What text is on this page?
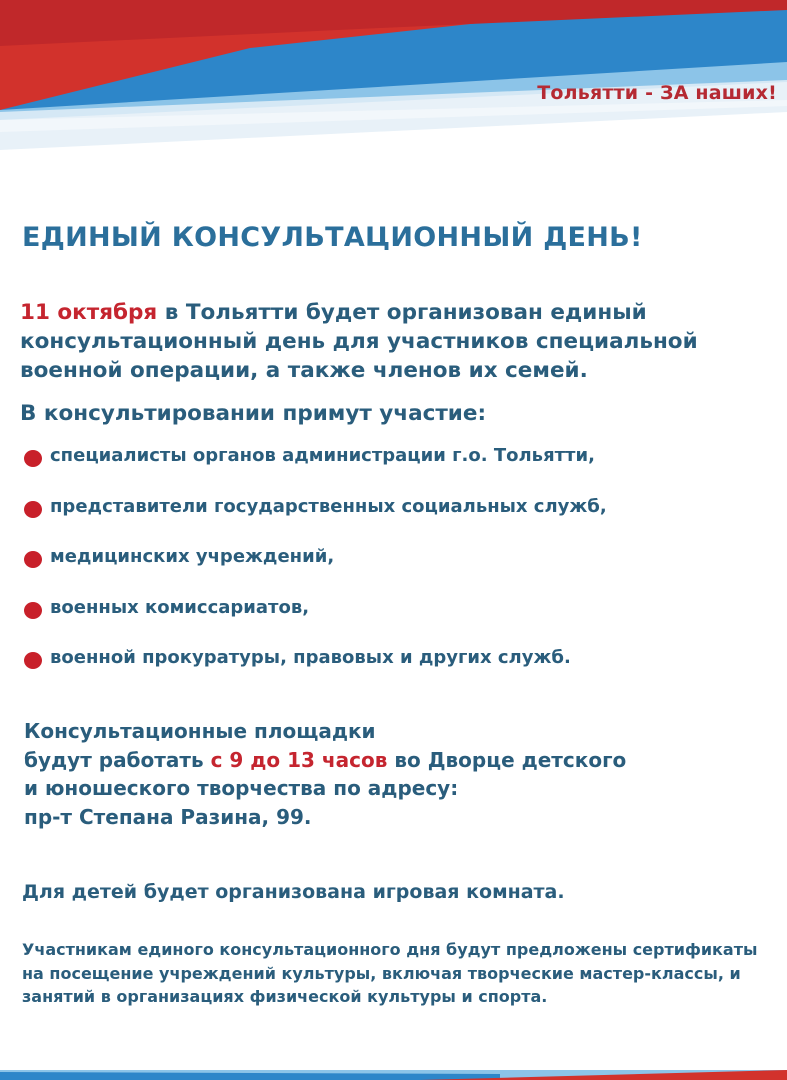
Тольятти - ЗА наших!
ЕДИНЫЙ КОНСУЛЬТАЦИОННЫЙ ДЕНЬ!

11 октября в Тольятти будет организован единый консультационный день для участников специальной военной операции, а также членов их семей.

В консультировании примут участие:
специалисты органов администрации г.о. Тольятти,
представители государственных социальных служб,
медицинских учреждений,
военных комиссариатов,
военной прокуратуры, правовых и других служб.
Консультационные площадки
будут работать с 9 до 13 часов во Дворце детского
и юношеского творчества по адресу:
пр-т Степана Разина, 99.

Для детей будет организована игровая комната.

Участникам единого консультационного дня будут предложены сертификаты на посещение учреждений культуры, включая творческие мастер-классы, и занятий в организациях физической культуры и спорта.
